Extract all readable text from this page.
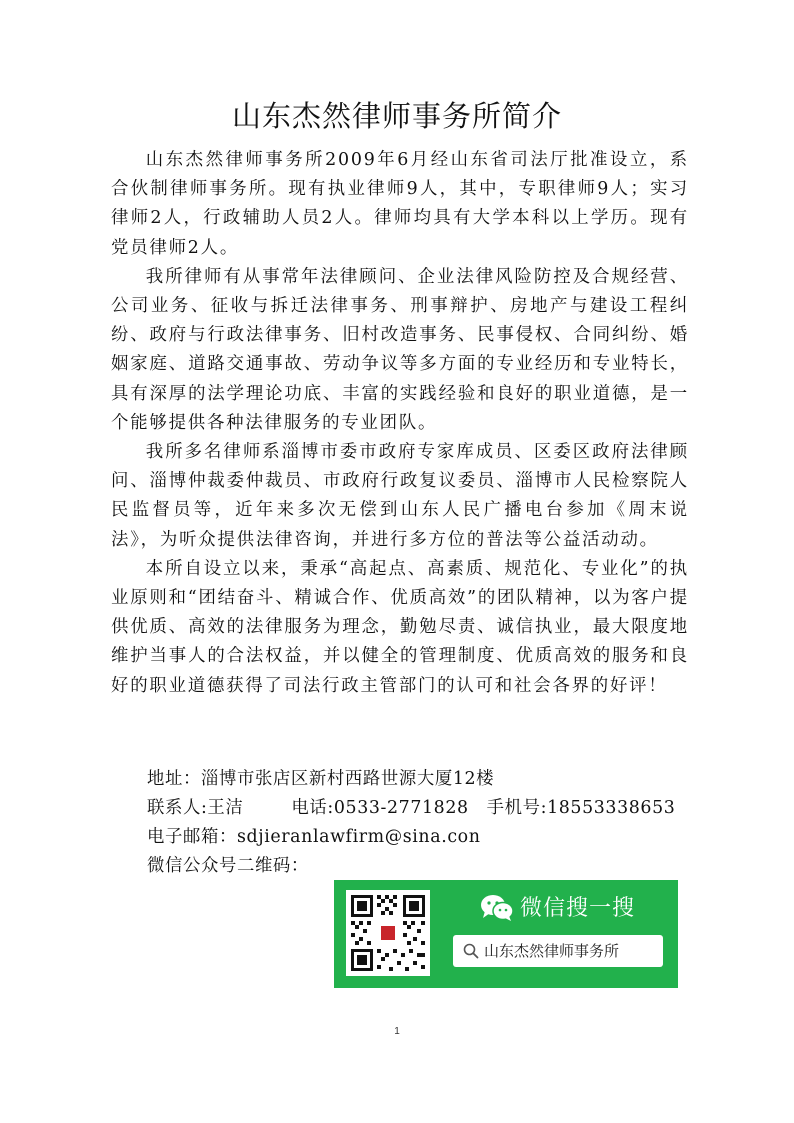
山东杰然律师事务所简介

山东杰然律师事务所2009年6月经山东省司法厅批准设立，系合伙制律师事务所。现有执业律师9人，其中，专职律师9人；实习律师2人，行政辅助人员2人。律师均具有大学本科以上学历。现有党员律师2人。

我所律师有从事常年法律顾问、企业法律风险防控及合规经营、公司业务、征收与拆迁法律事务、刑事辩护、房地产与建设工程纠纷、政府与行政法律事务、旧村改造事务、民事侵权、合同纠纷、婚姻家庭、道路交通事故、劳动争议等多方面的专业经历和专业特长，具有深厚的法学理论功底、丰富的实践经验和良好的职业道德，是一个能够提供各种法律服务的专业团队。

我所多名律师系淄博市委市政府专家库成员、区委区政府法律顾问、淄博仲裁委仲裁员、市政府行政复议委员、淄博市人民检察院人民监督员等，近年来多次无偿到山东人民广播电台参加《周末说法》，为听众提供法律咨询，并进行多方位的普法等公益活动动。

本所自设立以来，秉承“高起点、高素质、规范化、专业化”的执业原则和“团结奋斗、精诚合作、优质高效”的团队精神，以为客户提供优质、高效的法律服务为理念，勤勉尽责、诚信执业，最大限度地维护当事人的合法权益，并以健全的管理制度、优质高效的服务和良好的职业道德获得了司法行政主管部门的认可和社会各界的好评！

地址：淄博市张店区新村西路世源大厦12楼
联系人:王洁	电话:0533-2771828 手机号:18553338653
电子邮箱：sdjieranlawfirm@sina.con
微信公众号二维码：
微信搜一搜
山东杰然律师事务所
1
